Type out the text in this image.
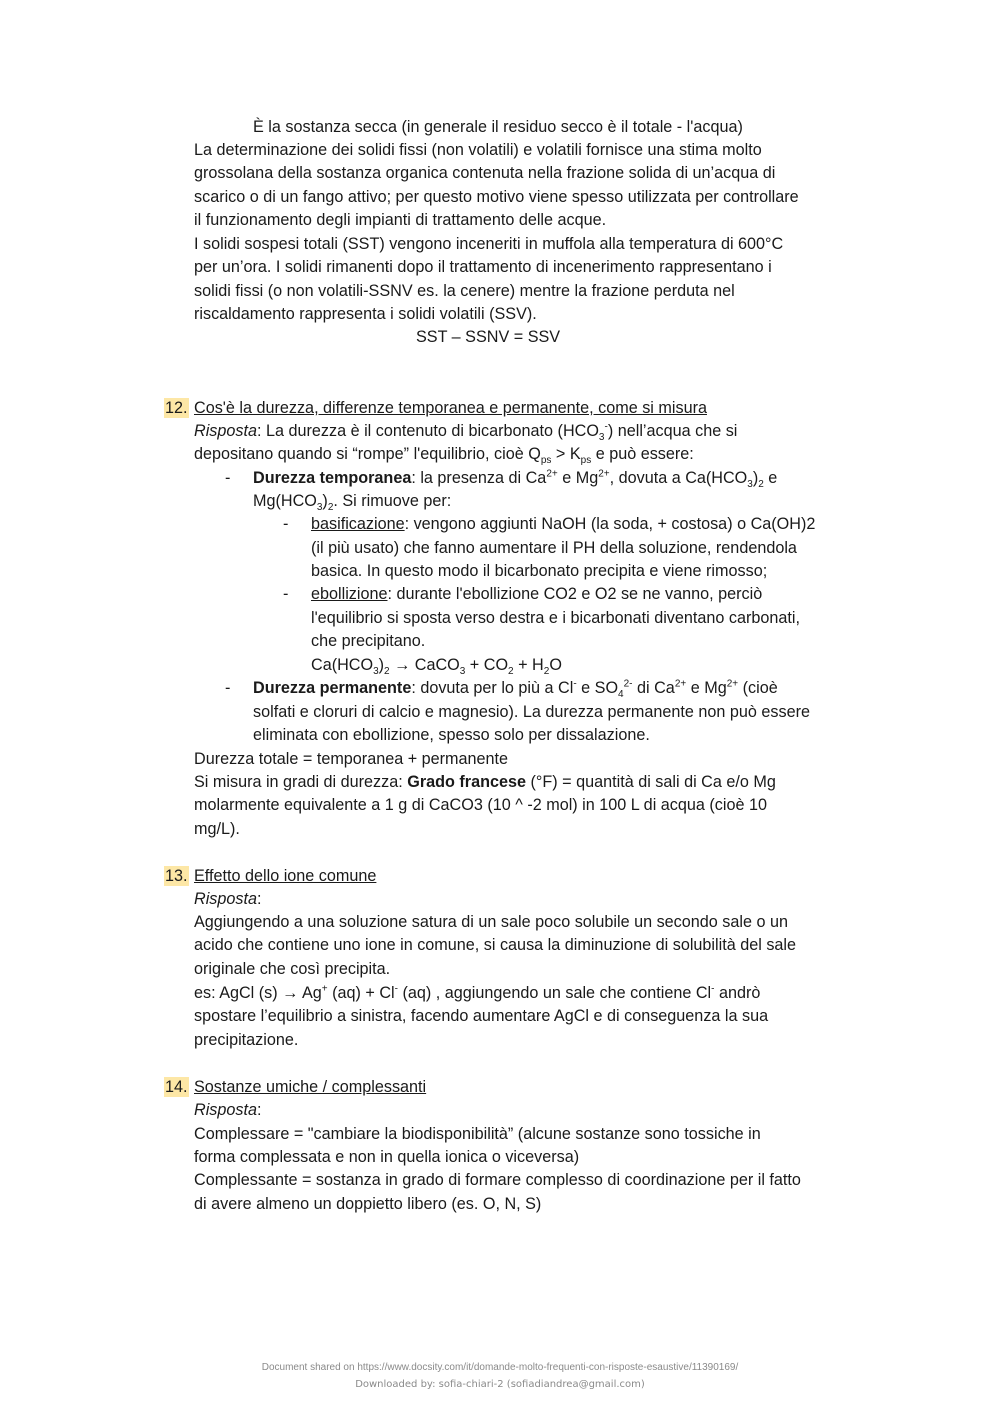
È la sostanza secca (in generale il residuo secco è il totale - l'acqua)
La determinazione dei solidi fissi (non volatili) e volatili fornisce una stima molto
grossolana della sostanza organica contenuta nella frazione solida di un’acqua di
scarico o di un fango attivo; per questo motivo viene spesso utilizzata per controllare
il funzionamento degli impianti di trattamento delle acque.
I solidi sospesi totali (SST) vengono inceneriti in muffola alla temperatura di 600°C
per un’ora. I solidi rimanenti dopo il trattamento di incenerimento rappresentano i
solidi fissi (o non volatili-SSNV es. la cenere) mentre la frazione perduta nel
riscaldamento rappresenta i solidi volatili (SSV).
SST – SSNV = SSV
12. Cos'è la durezza, differenze temporanea e permanente, come si misura
Risposta: La durezza è il contenuto di bicarbonato $(HCO_3^-)$ nell’acqua che si
depositano quando si “rompe” l'equilibrio, cioè $Q_{ps} > K_{ps}$ e può essere:
- Durezza temporanea: la presenza di $Ca^{2+}$ e $Mg^{2+}$, dovuta a $Ca(HCO_3)_2$ e
$Mg(HCO_3)_2$. Si rimuove per:
- basificazione: vengono aggiunti NaOH (la soda, + costosa) o Ca(OH)2
(il più usato) che fanno aumentare il PH della soluzione, rendendola
basica. In questo modo il bicarbonato precipita e viene rimosso;
- ebollizione: durante l'ebollizione CO2 e O2 se ne vanno, perciò
l'equilibrio si sposta verso destra e i bicarbonati diventano carbonati,
che precipitano.
$Ca(HCO_3)_2$ → CaCO$_3$ + $CO_2 + H_2O$
- Durezza permanente: dovuta per lo più a Cl- e $SO_4^{2-}$ di $Ca^{2+}$ e $Mg^{2+}$ (cioè
solfati e cloruri di calcio e magnesio). La durezza permanente non può essere
eliminata con ebollizione, spesso solo per dissalazione.
Durezza totale = temporanea + permanente
Si misura in gradi di durezza: Grado francese (°F) = quantità di sali di Ca e/o Mg
molarmente equivalente a 1 g di CaCO3 (10 ^ -2 mol) in 100 L di acqua (cioè 10
mg/L).
13. Effetto dello ione comune
Risposta:
Aggiungendo a una soluzione satura di un sale poco solubile un secondo sale o un
acido che contiene uno ione in comune, si causa la diminuzione di solubilità del sale
originale che così precipita.
es: AgCl (s) → Ag+ (aq) + Cl- (aq) , aggiungendo un sale che contiene Cl- andrò
spostare l’equilibrio a sinistra, facendo aumentare AgCl e di conseguenza la sua
precipitazione.
14. Sostanze umiche / complessanti
Risposta:
Complessare = "cambiare la biodisponibilità” (alcune sostanze sono tossiche in
forma complessata e non in quella ionica o viceversa)
Complessante = sostanza in grado di formare complesso di coordinazione per il fatto
di avere almeno un doppietto libero (es. O, N, S)
Document shared on https://www.docsity.com/it/domande-molto-frequenti-con-risposte-esaustive/11390169/
Downloaded by: sofia-chiari-2 (sofiadiandrea@gmail.com)
